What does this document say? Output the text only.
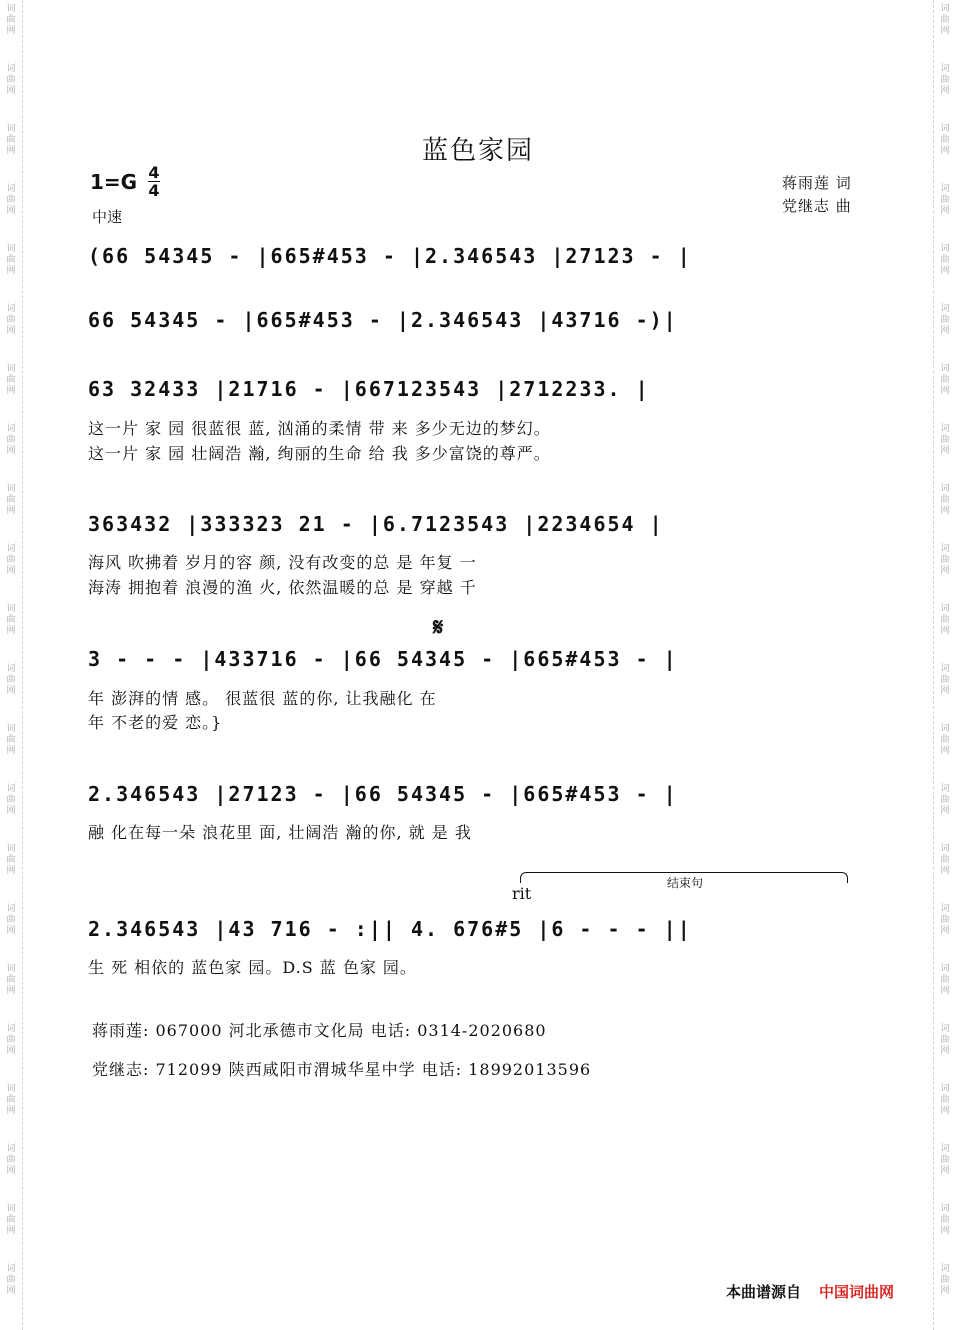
词
曲
网
词
曲
网
词
曲
网
词
曲
网
词
曲
网
词
曲
网
词
曲
网
词
曲
网
词
曲
网
词
曲
网
词
曲
网
词
曲
网
词
曲
网
词
曲
网
词
曲
网
词
曲
网
词
曲
网
词
曲
网
词
曲
网
词
曲
网
词
曲
网
词
曲
网
词
曲
网
词
曲
网
词
曲
网
词
曲
网
词
曲
网
词
曲
网
词
曲
网
词
曲
网
词
曲
网
词
曲
网
词
曲
网
词
曲
网
词
曲
网
词
曲
网
词
曲
网
词
曲
网
词
曲
网
词
曲
网
词
曲
网
词
曲
网
词
曲
网
词
曲
网
蓝色家园
1=G 4
4
中速
蒋雨莲 词
党继志 曲
(66 54345 - |665#453 - |2.346543 |27123 - |
66 54345 - |665#453 - |2.346543 |43716 -)|
63 32433 |21716 - |667123543 |2712233. |
这一片 家 园 很蓝很 蓝, 汹涌的柔情 带 来 多少无边的梦幻。
这一片 家 园 壮阔浩 瀚, 绚丽的生命 给 我 多少富饶的尊严。
363432 |333323 21 - |6.7123543 |2234654 |
海风 吹拂着 岁月的容 颜, 没有改变的总 是 年复 一
海涛 拥抱着 浪漫的渔 火, 依然温暖的总 是 穿越 千
𝄋
3 - - - |433716 - |66 54345 - |665#453 - |
年 澎湃的情 感。 很蓝很 蓝的你, 让我融化 在
年 不老的爱 恋。}
2.346543 |27123 - |66 54345 - |665#453 - |
融 化在每一朵 浪花里 面, 壮阔浩 瀚的你, 就 是 我
结束句
rit
2.346543 |43 716 - :|| 4. 676#5 |6 - - - ||
生 死 相依的 蓝色家 园。D.S 蓝 色家 园。
蒋雨莲: 067000 河北承德市文化局 电话: 0314-2020680
党继志: 712099 陕西咸阳市渭城华星中学 电话: 18992013596
本曲谱源自 中国词曲网
